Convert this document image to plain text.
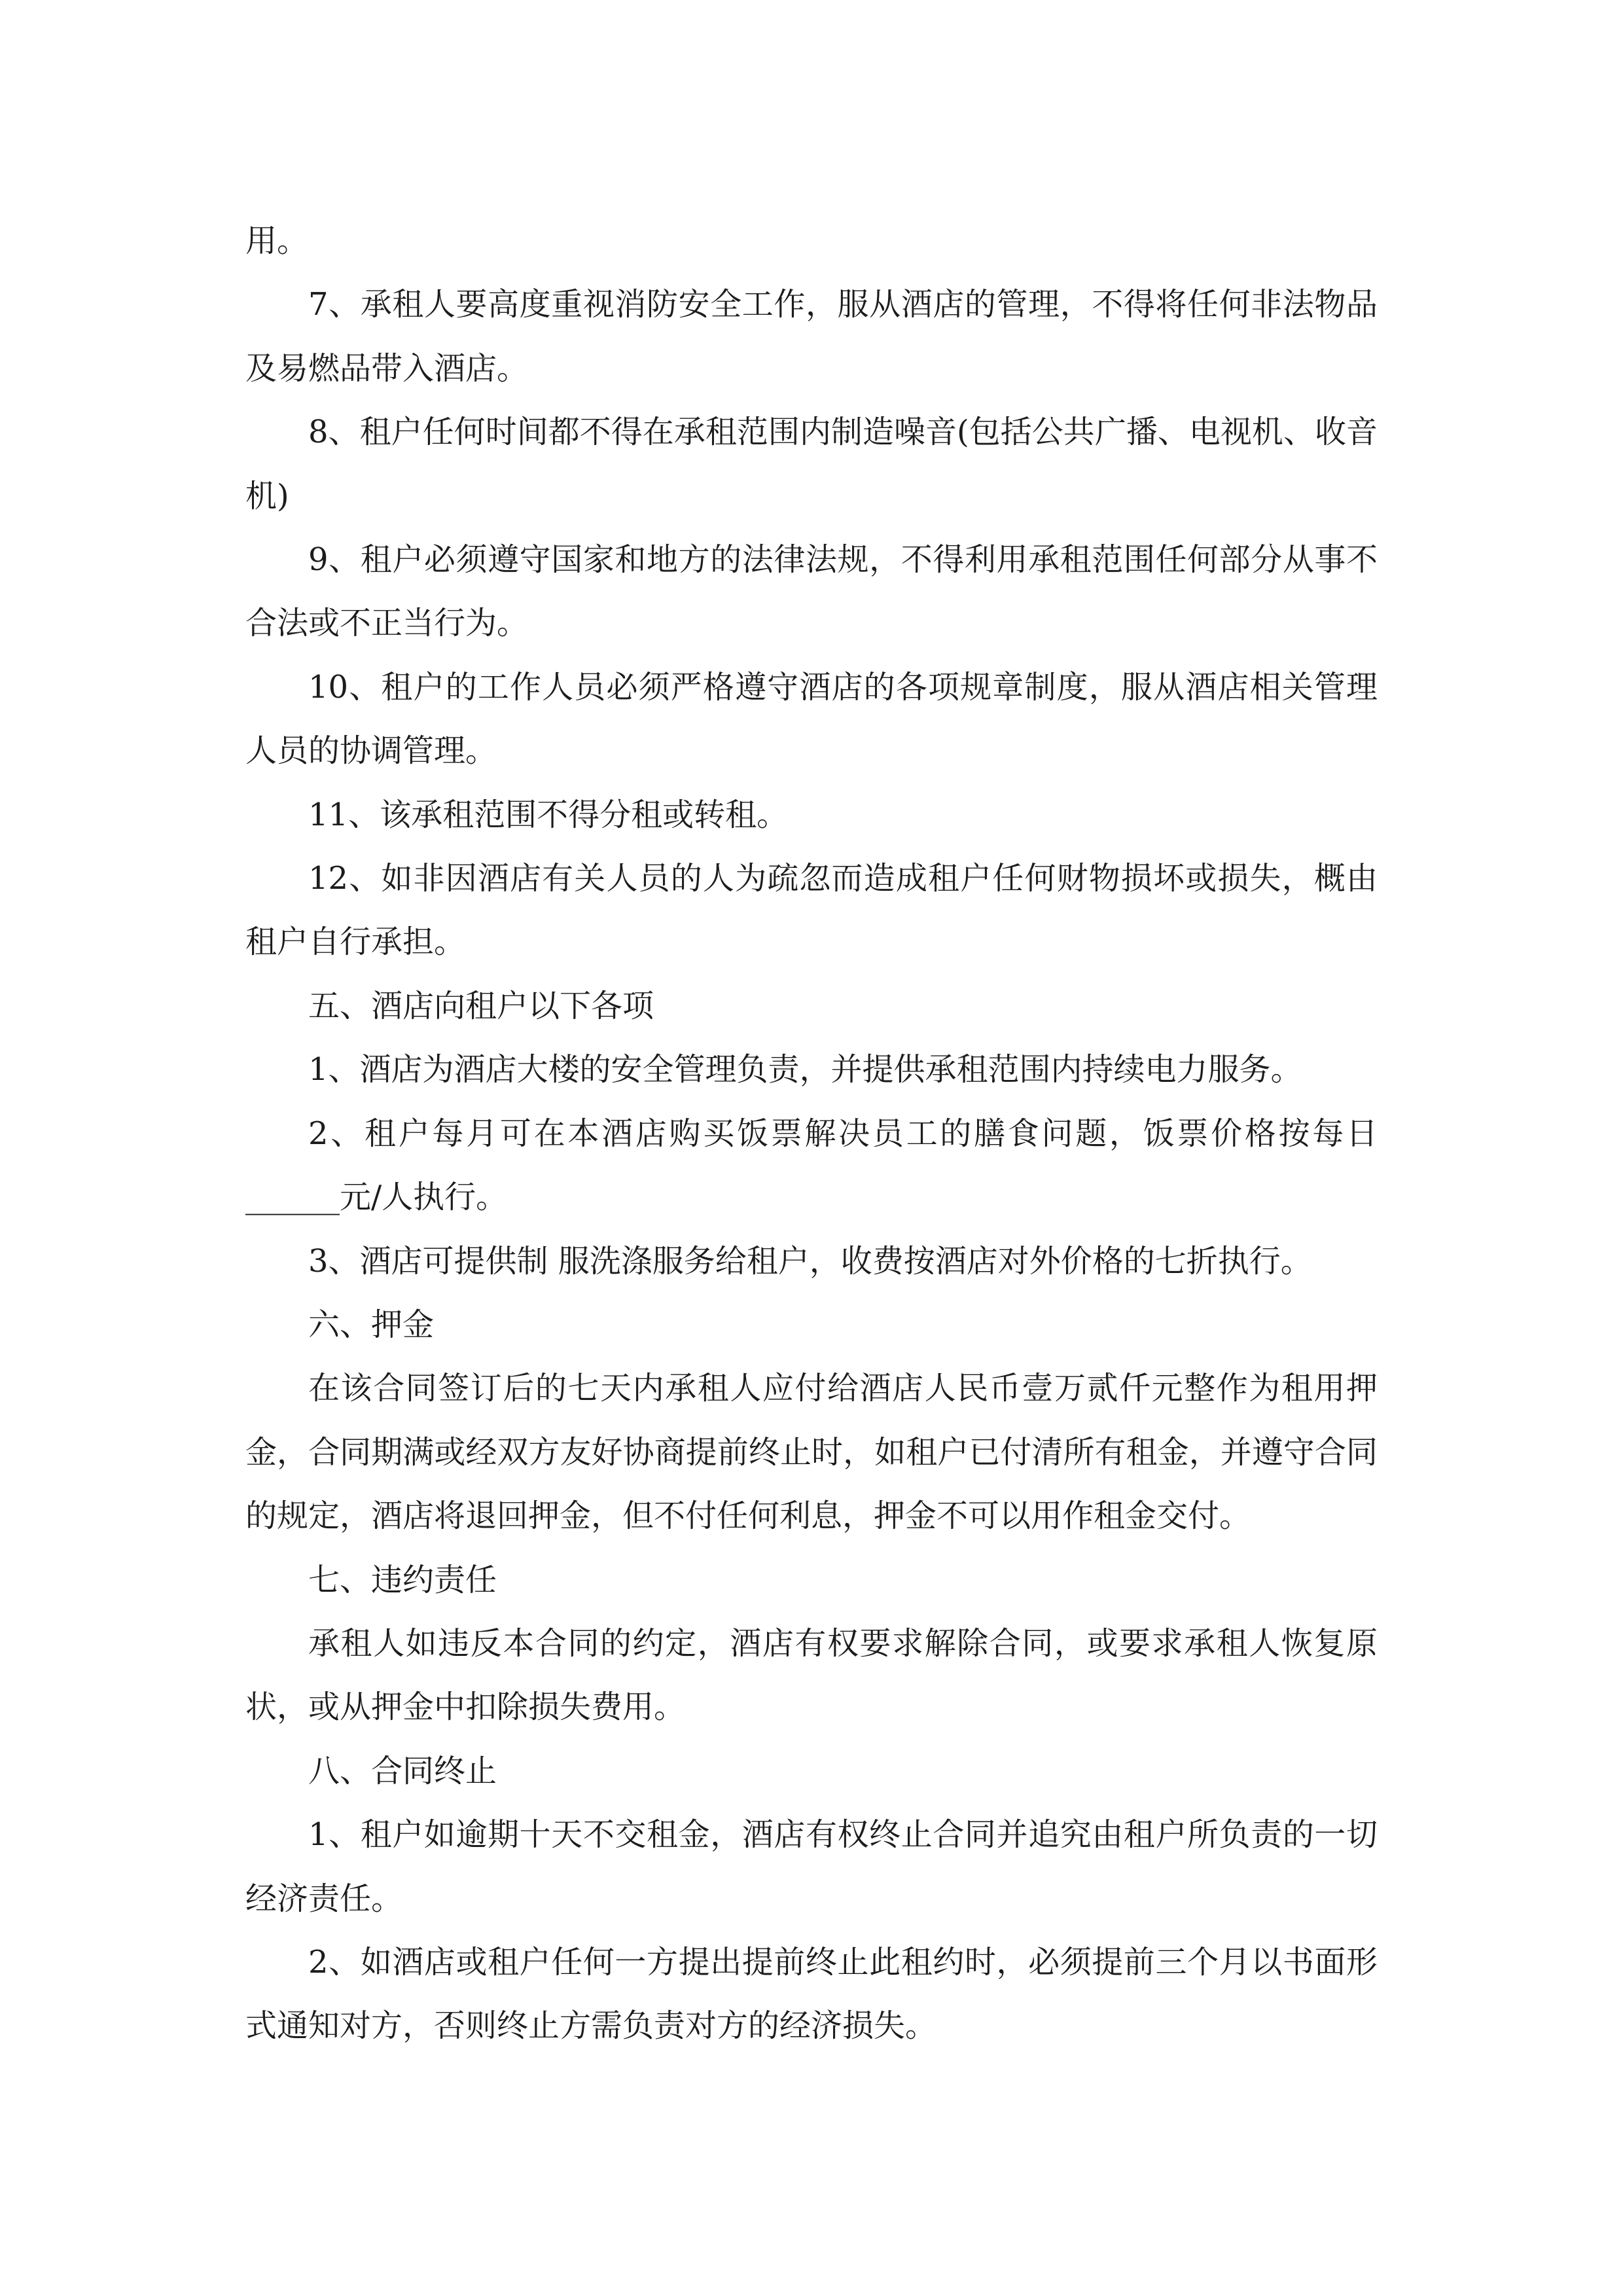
用。

7、承租人要高度重视消防安全工作，服从酒店的管理，不得将任何非法物品及易燃品带入酒店。

8、租户任何时间都不得在承租范围内制造噪音(包括公共广播、电视机、收音机)

9、租户必须遵守国家和地方的法律法规，不得利用承租范围任何部分从事不合法或不正当行为。

10、租户的工作人员必须严格遵守酒店的各项规章制度，服从酒店相关管理人员的协调管理。

11、该承租范围不得分租或转租。

12、如非因酒店有关人员的人为疏忽而造成租户任何财物损坏或损失，概由租户自行承担。

五、酒店向租户以下各项

1、酒店为酒店大楼的安全管理负责，并提供承租范围内持续电力服务。

2、租户每月可在本酒店购买饭票解决员工的膳食问题，饭票价格按每日______元/人执行。

3、酒店可提供制 服洗涤服务给租户，收费按酒店对外价格的七折执行。

六、押金

在该合同签订后的七天内承租人应付给酒店人民币壹万贰仟元整作为租用押金，合同期满或经双方友好协商提前终止时，如租户已付清所有租金，并遵守合同的规定，酒店将退回押金，但不付任何利息，押金不可以用作租金交付。

七、违约责任

承租人如违反本合同的约定，酒店有权要求解除合同，或要求承租人恢复原状，或从押金中扣除损失费用。

八、合同终止

1、租户如逾期十天不交租金，酒店有权终止合同并追究由租户所负责的一切经济责任。

2、如酒店或租户任何一方提出提前终止此租约时，必须提前三个月以书面形式通知对方，否则终止方需负责对方的经济损失。
